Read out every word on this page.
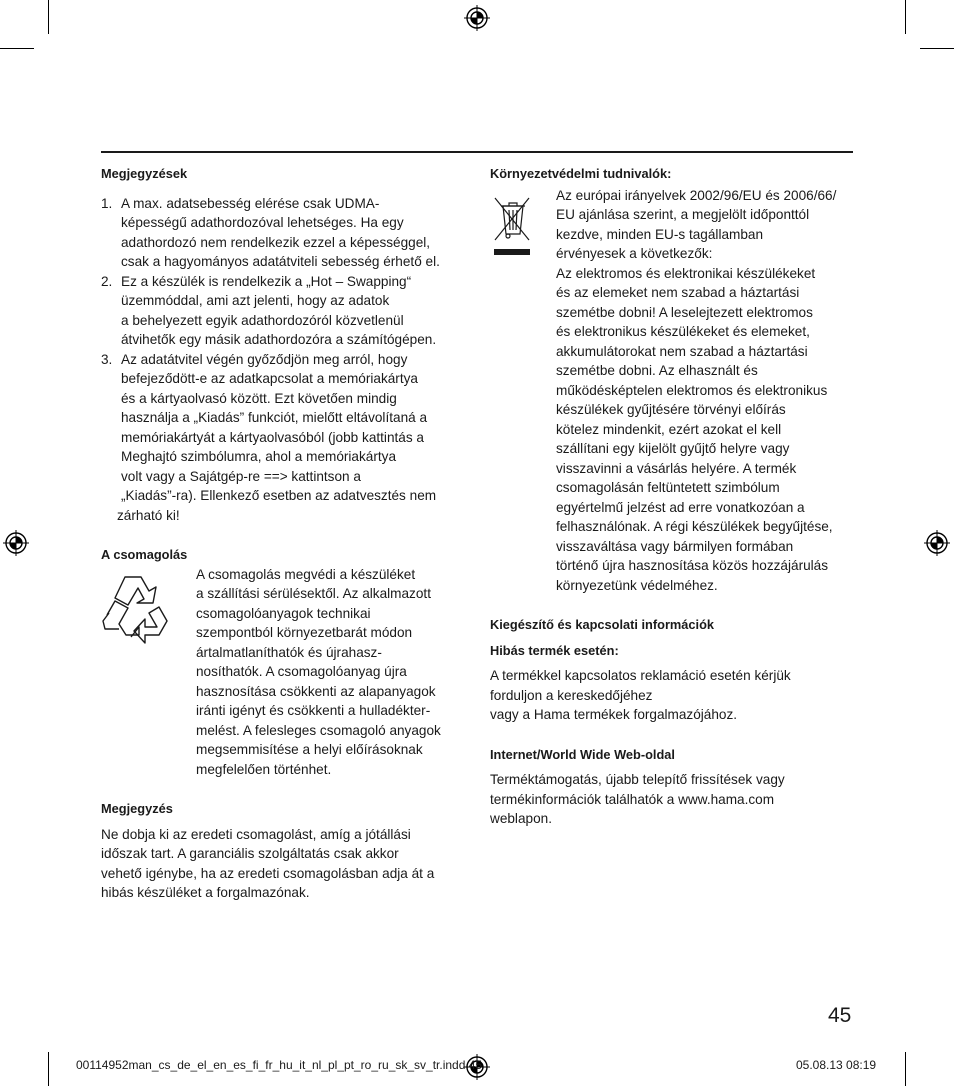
Megjegyzések
1. A max. adatsebesség elérése csak UDMA-
képességű adathordozóval lehetséges. Ha egy
adathordozó nem rendelkezik ezzel a képességgel,
csak a hagyományos adatátviteli sebesség érhető el.
2. Ez a készülék is rendelkezik a „Hot – Swapping“
üzemmóddal, ami azt jelenti, hogy az adatok
a behelyezett egyik adathordozóról közvetlenül
átvihetők egy másik adathordozóra a számítógépen.
3. Az adatátvitel végén győződjön meg arról, hogy
befejeződött-e az adatkapcsolat a memóriakártya
és a kártyaolvasó között. Ezt követően mindig
használja a „Kiadás” funkciót, mielőtt eltávolítaná a
memóriakártyát a kártyaolvasóból (jobb kattintás a
Meghajtó szimbólumra, ahol a memóriakártya
volt vagy a Sajátgép-re ==> kattintson a
„Kiadás”-ra). Ellenkező esetben az adatvesztés nem
zárható ki!
A csomagolás
A csomagolás megvédi a készüléket
a szállítási sérülésektől. Az alkalmazott
csomagolóanyagok technikai
szempontból környezetbarát módon
ártalmatlaníthatók és újrahasz-
nosíthatók. A csomagolóanyag újra
hasznosítása csökkenti az alapanyagok
iránti igényt és csökkenti a hulladékter-
melést. A felesleges csomagoló anyagok
megsemmisítése a helyi előírásoknak
megfelelően történhet.
Megjegyzés
Ne dobja ki az eredeti csomagolást, amíg a jótállási
időszak tart. A garanciális szolgáltatás csak akkor
vehető igénybe, ha az eredeti csomagolásban adja át a
hibás készüléket a forgalmazónak.
Környezetvédelmi tudnivalók:
Az európai irányelvek 2002/96/EU és 2006/66/
EU ajánlása szerint, a megjelölt időponttól
kezdve, minden EU-s tagállamban
érvényesek a következők:
Az elektromos és elektronikai készülékeket
és az elemeket nem szabad a háztartási
szemétbe dobni! A leselejtezett elektromos
és elektronikus készülékeket és elemeket,
akkumulátorokat nem szabad a háztartási
szemétbe dobni. Az elhasznált és
működésképtelen elektromos és elektronikus
készülékek gyűjtésére törvényi előírás
kötelez mindenkit, ezért azokat el kell
szállítani egy kijelölt gyűjtő helyre vagy
visszavinni a vásárlás helyére. A termék
csomagolásán feltüntetett szimbólum
egyértelmű jelzést ad erre vonatkozóan a
felhasználónak. A régi készülékek begyűjtése,
visszaváltása vagy bármilyen formában
történő újra hasznosítása közös hozzájárulás
környezetünk védelméhez.
Kiegészítő és kapcsolati információk
Hibás termék esetén:
A termékkel kapcsolatos reklamáció esetén kérjük
forduljon a kereskedőjéhez
vagy a Hama termékek forgalmazójához.
Internet/World Wide Web-oldal
Terméktámogatás, újabb telepítő frissítések vagy
termékinformációk találhatók a www.hama.com
weblapon.
45
00114952man_cs_de_el_en_es_fi_fr_hu_it_nl_pl_pt_ro_ru_sk_sv_tr.indd 45	05.08.13 08:19
